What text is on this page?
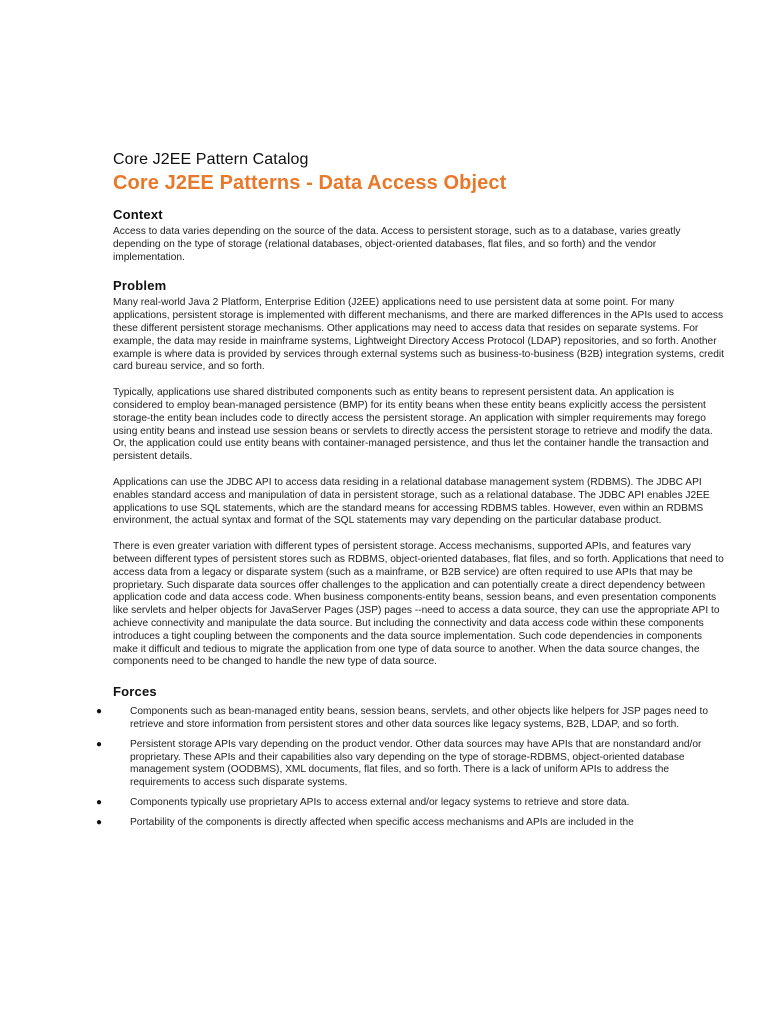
Core J2EE Pattern Catalog
Core J2EE Patterns - Data Access Object
Context

Access to data varies depending on the source of the data. Access to persistent storage, such as to a database, varies greatly depending on the type of storage (relational databases, object-oriented databases, flat files, and so forth) and the vendor implementation.

Problem

Many real-world Java 2 Platform, Enterprise Edition (J2EE) applications need to use persistent data at some point. For many applications, persistent storage is implemented with different mechanisms, and there are marked differences in the APIs used to access these different persistent storage mechanisms. Other applications may need to access data that resides on separate systems. For example, the data may reside in mainframe systems, Lightweight Directory Access Protocol (LDAP) repositories, and so forth. Another example is where data is provided by services through external systems such as business-to-business (B2B) integration systems, credit card bureau service, and so forth.

Typically, applications use shared distributed components such as entity beans to represent persistent data. An application is considered to employ bean-managed persistence (BMP) for its entity beans when these entity beans explicitly access the persistent storage-the entity bean includes code to directly access the persistent storage. An application with simpler requirements may forego using entity beans and instead use session beans or servlets to directly access the persistent storage to retrieve and modify the data. Or, the application could use entity beans with container-managed persistence, and thus let the container handle the transaction and persistent details.

Applications can use the JDBC API to access data residing in a relational database management system (RDBMS). The JDBC API enables standard access and manipulation of data in persistent storage, such as a relational database. The JDBC API enables J2EE applications to use SQL statements, which are the standard means for accessing RDBMS tables. However, even within an RDBMS environment, the actual syntax and format of the SQL statements may vary depending on the particular database product.

There is even greater variation with different types of persistent storage. Access mechanisms, supported APIs, and features vary between different types of persistent stores such as RDBMS, object-oriented databases, flat files, and so forth. Applications that need to access data from a legacy or disparate system (such as a mainframe, or B2B service) are often required to use APIs that may be proprietary. Such disparate data sources offer challenges to the application and can potentially create a direct dependency between application code and data access code. When business components-entity beans, session beans, and even presentation components like servlets and helper objects for JavaServer Pages (JSP) pages --need to access a data source, they can use the appropriate API to achieve connectivity and manipulate the data source. But including the connectivity and data access code within these components introduces a tight coupling between the components and the data source implementation. Such code dependencies in components make it difficult and tedious to migrate the application from one type of data source to another. When the data source changes, the components need to be changed to handle the new type of data source.

Forces
●	Components such as bean-managed entity beans, session beans, servlets, and other objects like helpers for JSP pages need to retrieve and store information from persistent stores and other data sources like legacy systems, B2B, LDAP, and so forth.
●	Persistent storage APIs vary depending on the product vendor. Other data sources may have APIs that are nonstandard and/or proprietary. These APIs and their capabilities also vary depending on the type of storage-RDBMS, object-oriented database management system (OODBMS), XML documents, flat files, and so forth. There is a lack of uniform APIs to address the requirements to access such disparate systems.
●	Components typically use proprietary APIs to access external and/or legacy systems to retrieve and store data.
●	Portability of the components is directly affected when specific access mechanisms and APIs are included in the
